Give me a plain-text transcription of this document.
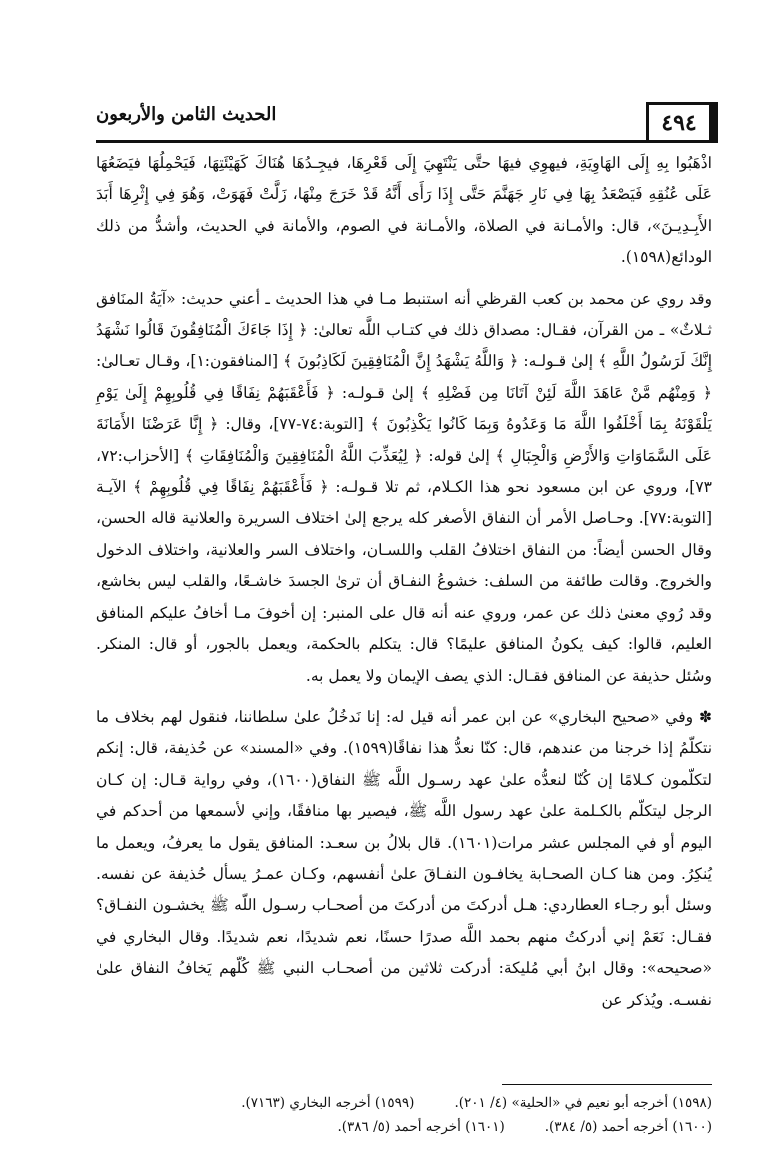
٤٩٤
الحديث الثامن والأربعون

اذْهَبُوا بِهِ إِلَى الهَاوِيَةِ، فيهوِي فيهَا حتَّى يَنْتَهِيَ إِلَى قَعْرِهَا، فيجِـدُهَا هُنَاكَ كَهَيْئَتِهَا، فَيَحْمِلُهَا فيَضَعُهَا عَلَى عُنُقِهِ فَيَصْعَدُ بِهَا فِي نَارِ جَهَنَّمَ حَتَّى إِذَا رَأَى أَنَّهُ قَدْ خَرَجَ مِنْهَا، زَلَّتْ فَهَوَتْ، وَهُوَ فِي إِثْرِهَا أَبَدَ الأَبِـدِيـنَ»، قال: والأمـانة في الصلاة، والأمـانة في الصوم، والأمانة في الحديث، وأشدُّ من ذلك الودائع(١٥٩٨).

وقد روي عن محمد بن كعب القرظي أنه استنبط مـا في هذا الحديث ـ أعني حديث: «آيَةُ المنَافق ثـلاثٌ» ـ من القرآن، فقـال: مصداق ذلك في كتـاب اللَّه تعالىٰ: ﴿ إِذَا جَاءَكَ الْمُنَافِقُونَ قَالُوا نَشْهَدُ إِنَّكَ لَرَسُولُ اللَّهِ ﴾ إلىٰ قـولـه: ﴿ وَاللَّهُ يَشْهَدُ إِنَّ الْمُنَافِقِينَ لَكَاذِبُونَ ﴾ [المنافقون:١]، وقـال تعـالىٰ: ﴿ وَمِنْهُم مَّنْ عَاهَدَ اللَّهَ لَئِنْ آتَانَا مِن فَضْلِهِ ﴾ إلىٰ قـولـه: ﴿ فَأَعْقَبَهُمْ نِفَاقًا فِي قُلُوبِهِمْ إِلَىٰ يَوْمِ يَلْقَوْنَهُ بِمَا أَخْلَفُوا اللَّهَ مَا وَعَدُوهُ وَبِمَا كَانُوا يَكْذِبُونَ ﴾ [التوبة:٧٤-٧٧]، وقال: ﴿ إِنَّا عَرَضْنَا الأَمَانَةَ عَلَى السَّمَاوَاتِ وَالأَرْضِ وَالْجِبَالِ ﴾ إلىٰ قوله: ﴿ لِيُعَذِّبَ اللَّهُ الْمُنَافِقِينَ وَالْمُنَافِقَاتِ ﴾ [الأحزاب:٧٢، ٧٣]، وروي عن ابن مسعود نحو هذا الكـلام، ثم تلا قـولـه: ﴿ فَأَعْقَبَهُمْ نِفَاقًا فِي قُلُوبِهِمْ ﴾ الآيـة [التوبة:٧٧]. وحـاصل الأمر أن النفاق الأصغر كله يرجع إلىٰ اختلاف السريرة والعلانية قاله الحسن، وقال الحسن أيضاً: من النفاق اختلافُ القلب واللسـان، واختلاف السر والعلانية، واختلاف الدخول والخروج. وقالت طائفة من السلف: خشوعُ النفـاق أن ترىٰ الجسدَ خاشـعًا، والقلب ليس بخاشع، وقد رُوي معنىٰ ذلك عن عمر، وروي عنه أنه قال على المنبر: إن أخوفَ مـا أخافُ عليكم المنافق العليم، قالوا: كيف يكونُ المنافق عليمًا؟ قال: يتكلم بالحكمة، ويعمل بالجور، أو قال: المنكر. وسُئل حذيفة عن المنافق فقـال: الذي يصف الإيمان ولا يعمل به.

✽ وفي «صحيح البخاري» عن ابن عمر أنه قيل له: إنا نَدخُلُ علىٰ سلطاننا، فنقول لهم بخلاف ما نتكلّمُ إذا خرجنا من عندهم، قال: كنّا نعدُّ هذا نفاقًا(١٥٩٩). وفي «المسند» عن حُذيفة، قال: إنكم لتكلّمون كـلامًا إن كُنّا لنعدُّه علىٰ عهد رسـول اللَّه ﷺ النفاق(١٦٠٠)، وفي رواية قـال: إن كـان الرجل ليتكلّم بالكـلمة علىٰ عهد رسول اللَّه ﷺ، فيصير بها منافقًا، وإني لأسمعها من أحدكم في اليوم أو في المجلس عشر مرات(١٦٠١). قال بلالُ بن سعـد: المنافق يقول ما يعرفُ، ويعمل ما يُنكِرُ. ومن هنا كـان الصحـابة يخافـون النفـاقَ علىٰ أنفسهم، وكـان عمـرُ يسأل حُذيفة عن نفسه. وسئل أبو رجـاء العطاردي: هـل أدركتَ من أدركتَ من أصحـاب رسـول اللّه ﷺ يخشـون النفـاق؟ فقـال: نَعَمْ إني أدركتُ منهم بحمد اللَّه صدرًا حسنًا، نعم شديدًا، نعم شديدًا. وقال البخاري في «صحيحه»: وقال ابنُ أبي مُليكة: أدركت ثلاثين من أصحـاب النبي ﷺ كُلّهم يَخافُ النفاق علىٰ نفسـه. ويُذكر عن

(١٥٩٨) أخرجه أبو نعيم في «الحلية» (٤/ ٢٠١).
(١٥٩٩) أخرجه البخاري (٧١٦٣).
(١٦٠٠) أخرجه أحمد (٥/ ٣٨٤).
(١٦٠١) أخرجه أحمد (٥/ ٣٨٦).
